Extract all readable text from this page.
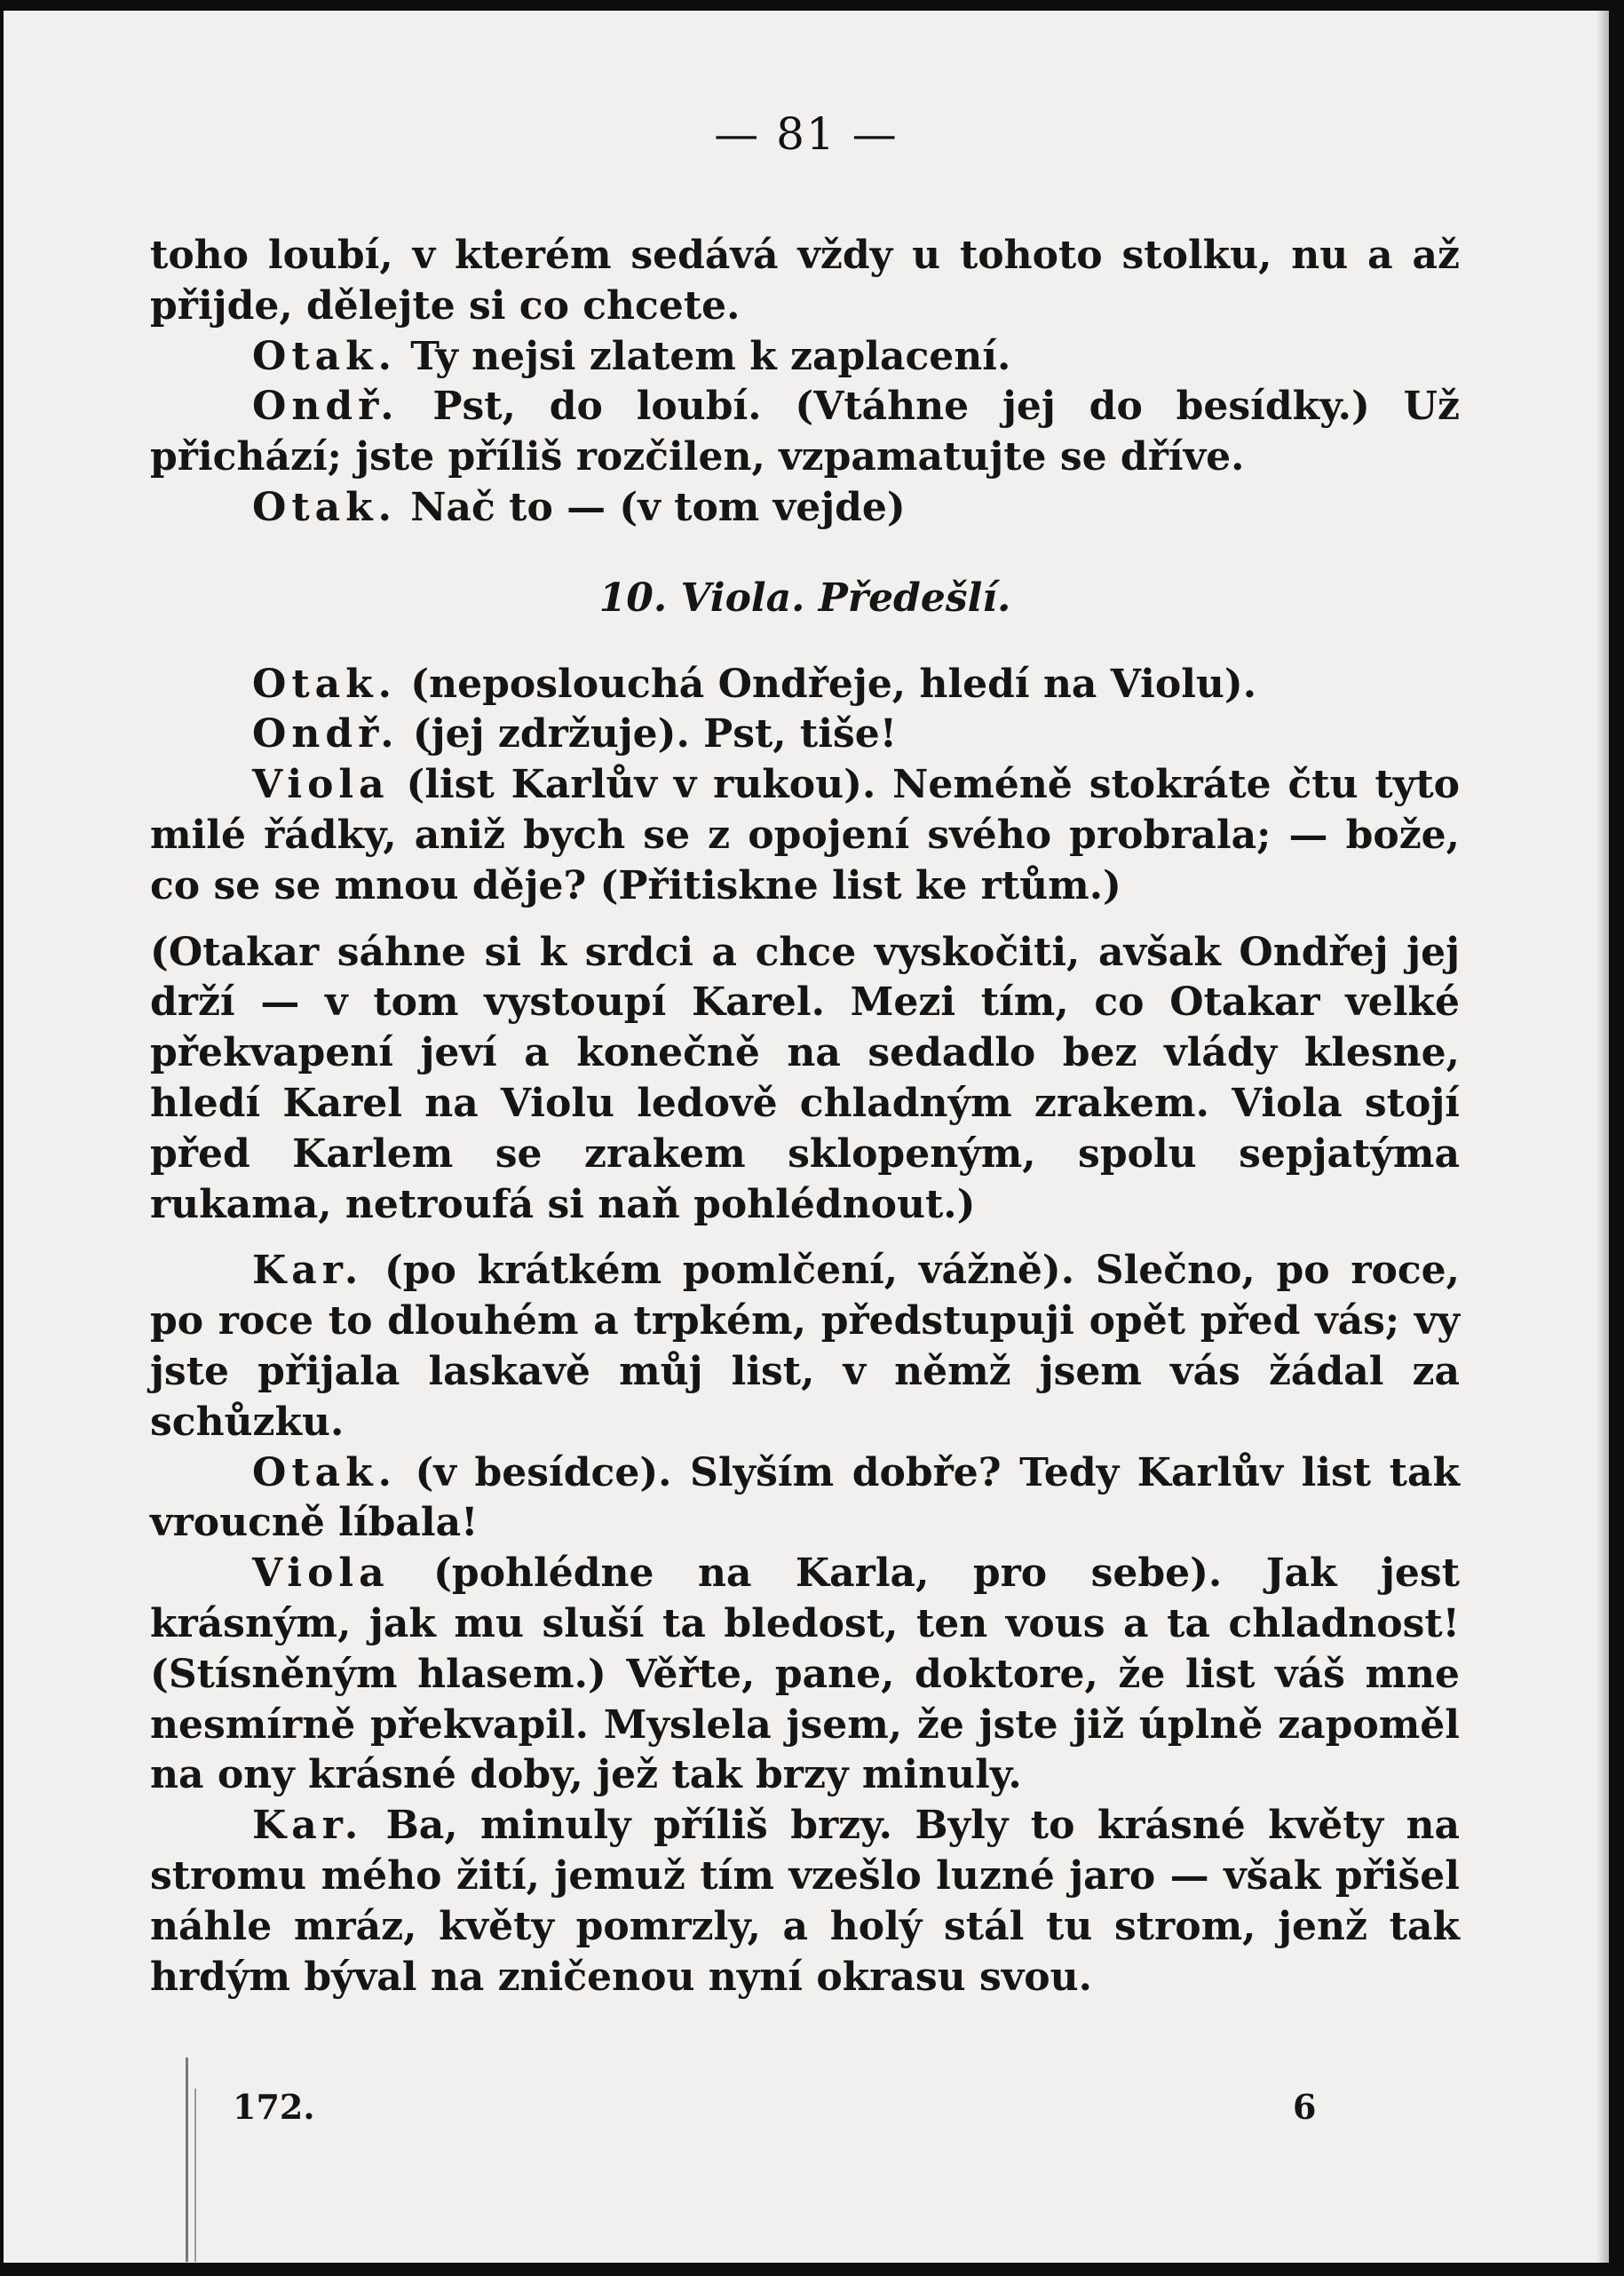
— 81 —

toho loubí, v kterém sedává vždy u tohoto stolku, nu a až přijde, dělejte si co chcete.

Otak. Ty nejsi zlatem k zaplacení.

Ondř. Pst, do loubí. (Vtáhne jej do besídky.) Už přichází; jste příliš rozčilen, vzpamatujte se dříve.

Otak. Nač to — (v tom vejde)

10. Viola. Předešlí.

Otak. (neposlouchá Ondřeje, hledí na Violu).

Ondř. (jej zdržuje). Pst, tiše!

Viola (list Karlův v rukou). Neméně stokráte čtu tyto milé řádky, aniž bych se z opojení svého probrala; — bože, co se se mnou děje? (Přitiskne list ke rtům.)

(Otakar sáhne si k srdci a chce vyskočiti, avšak Ondřej jej drží — v tom vystoupí Karel. Mezi tím, co Otakar velké překvapení jeví a konečně na sedadlo bez vlády klesne, hledí Karel na Violu ledově chladným zrakem. Viola stojí před Karlem se zrakem sklopeným, spolu sepjatýma rukama, netroufá si naň pohlédnout.)

Kar. (po krátkém pomlčení, vážně). Slečno, po roce, po roce to dlouhém a trpkém, předstupuji opět před vás; vy jste přijala laskavě můj list, v němž jsem vás žádal za schůzku.

Otak. (v besídce). Slyším dobře? Tedy Karlův list tak vroucně líbala!

Viola (pohlédne na Karla, pro sebe). Jak jest krásným, jak mu sluší ta bledost, ten vous a ta chladnost! (Stísněným hlasem.) Věřte, pane, doktore, že list váš mne nesmírně překvapil. Myslela jsem, že jste již úplně zapoměl na ony krásné doby, jež tak brzy minuly.

Kar. Ba, minuly příliš brzy. Byly to krásné květy na stromu mého žití, jemuž tím vzešlo luzné jaro — však přišel náhle mráz, květy pomrzly, a holý stál tu strom, jenž tak hrdým býval na zničenou nyní okrasu svou.

172.	6
